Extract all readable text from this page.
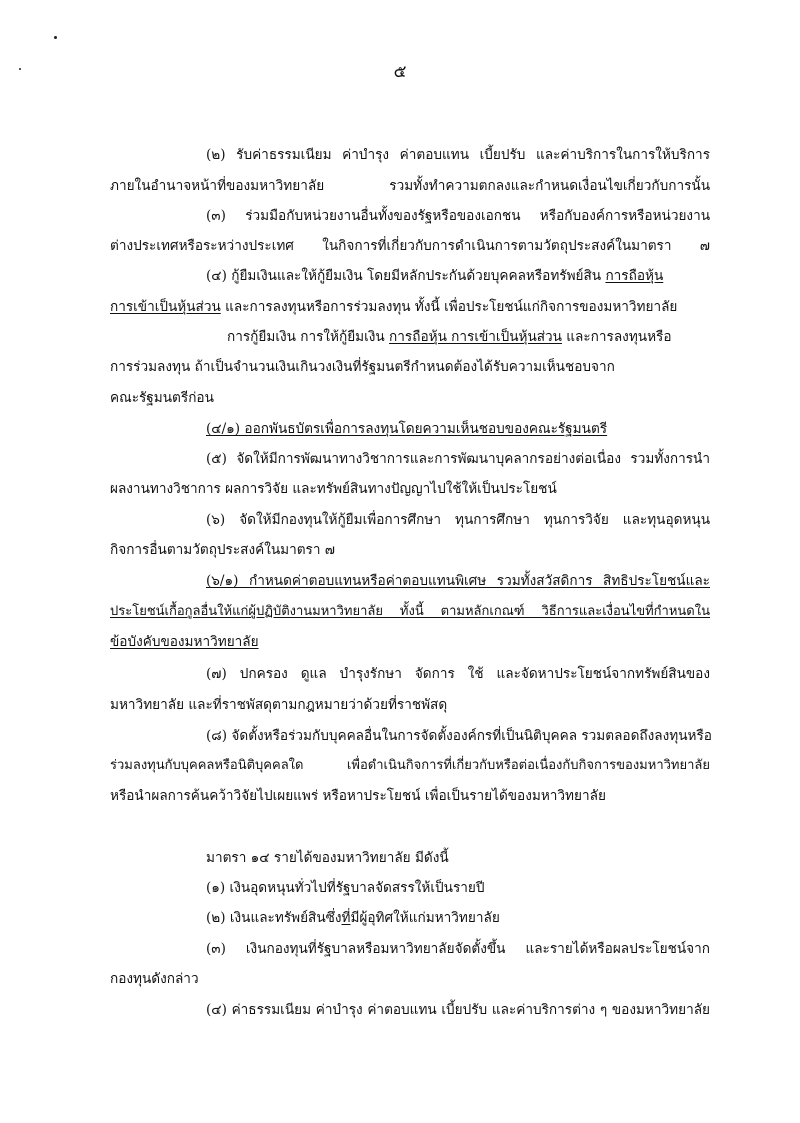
๕
(๒) รับค่าธรรมเนียม ค่าบำรุง ค่าตอบแทน เบี้ยปรับ และค่าบริการในการให้บริการ
ภายในอำนาจหน้าที่ของมหาวิทยาลัย รวมทั้งทำความตกลงและกำหนดเงื่อนไขเกี่ยวกับการนั้น
(๓) ร่วมมือกับหน่วยงานอื่นทั้งของรัฐหรือของเอกชน หรือกับองค์การหรือหน่วยงาน
ต่างประเทศหรือระหว่างประเทศ ในกิจการที่เกี่ยวกับการดำเนินการตามวัตถุประสงค์ในมาตรา ๗
(๔) กู้ยืมเงินและให้กู้ยืมเงิน โดยมีหลักประกันด้วยบุคคลหรือทรัพย์สิน การถือหุ้น
การเข้าเป็นหุ้นส่วน และการลงทุนหรือการร่วมลงทุน ทั้งนี้ เพื่อประโยชน์แก่กิจการของมหาวิทยาลัย
การกู้ยืมเงิน การให้กู้ยืมเงิน การถือหุ้น การเข้าเป็นหุ้นส่วน และการลงทุนหรือ
การร่วมลงทุน ถ้าเป็นจำนวนเงินเกินวงเงินที่รัฐมนตรีกำหนดต้องได้รับความเห็นชอบจาก
คณะรัฐมนตรีก่อน
(๔/๑) ออกพันธบัตรเพื่อการลงทุนโดยความเห็นชอบของคณะรัฐมนตรี
(๕) จัดให้มีการพัฒนาทางวิชาการและการพัฒนาบุคลากรอย่างต่อเนื่อง รวมทั้งการนำ
ผลงานทางวิชาการ ผลการวิจัย และทรัพย์สินทางปัญญาไปใช้ให้เป็นประโยชน์
(๖) จัดให้มีกองทุนให้กู้ยืมเพื่อการศึกษา ทุนการศึกษา ทุนการวิจัย และทุนอุดหนุน
กิจการอื่นตามวัตถุประสงค์ในมาตรา ๗
(๖/๑) กำหนดค่าตอบแทนหรือค่าตอบแทนพิเศษ รวมทั้งสวัสดิการ สิทธิประโยชน์และ
ประโยชน์เกื้อกูลอื่นให้แก่ผู้ปฏิบัติงานมหาวิทยาลัย ทั้งนี้ ตามหลักเกณฑ์ วิธีการและเงื่อนไขที่กำหนดใน
ข้อบังคับของมหาวิทยาลัย
(๗) ปกครอง ดูแล บำรุงรักษา จัดการ ใช้ และจัดหาประโยชน์จากทรัพย์สินของ
มหาวิทยาลัย และที่ราชพัสดุตามกฎหมายว่าด้วยที่ราชพัสดุ
(๘) จัดตั้งหรือร่วมกับบุคคลอื่นในการจัดตั้งองค์กรที่เป็นนิติบุคคล รวมตลอดถึงลงทุนหรือ
ร่วมลงทุนกับบุคคลหรือนิติบุคคลใด เพื่อดำเนินกิจการที่เกี่ยวกับหรือต่อเนื่องกับกิจการของมหาวิทยาลัย
หรือนำผลการค้นคว้าวิจัยไปเผยแพร่ หรือหาประโยชน์ เพื่อเป็นรายได้ของมหาวิทยาลัย
มาตรา ๑๔ รายได้ของมหาวิทยาลัย มีดังนี้
(๑) เงินอุดหนุนทั่วไปที่รัฐบาลจัดสรรให้เป็นรายปี
(๒) เงินและทรัพย์สินซึ่งที่มีผู้อุทิศให้แก่มหาวิทยาลัย
(๓) เงินกองทุนที่รัฐบาลหรือมหาวิทยาลัยจัดตั้งขึ้น และรายได้หรือผลประโยชน์จาก
กองทุนดังกล่าว
(๔) ค่าธรรมเนียม ค่าบำรุง ค่าตอบแทน เบี้ยปรับ และค่าบริการต่าง ๆ ของมหาวิทยาลัย
